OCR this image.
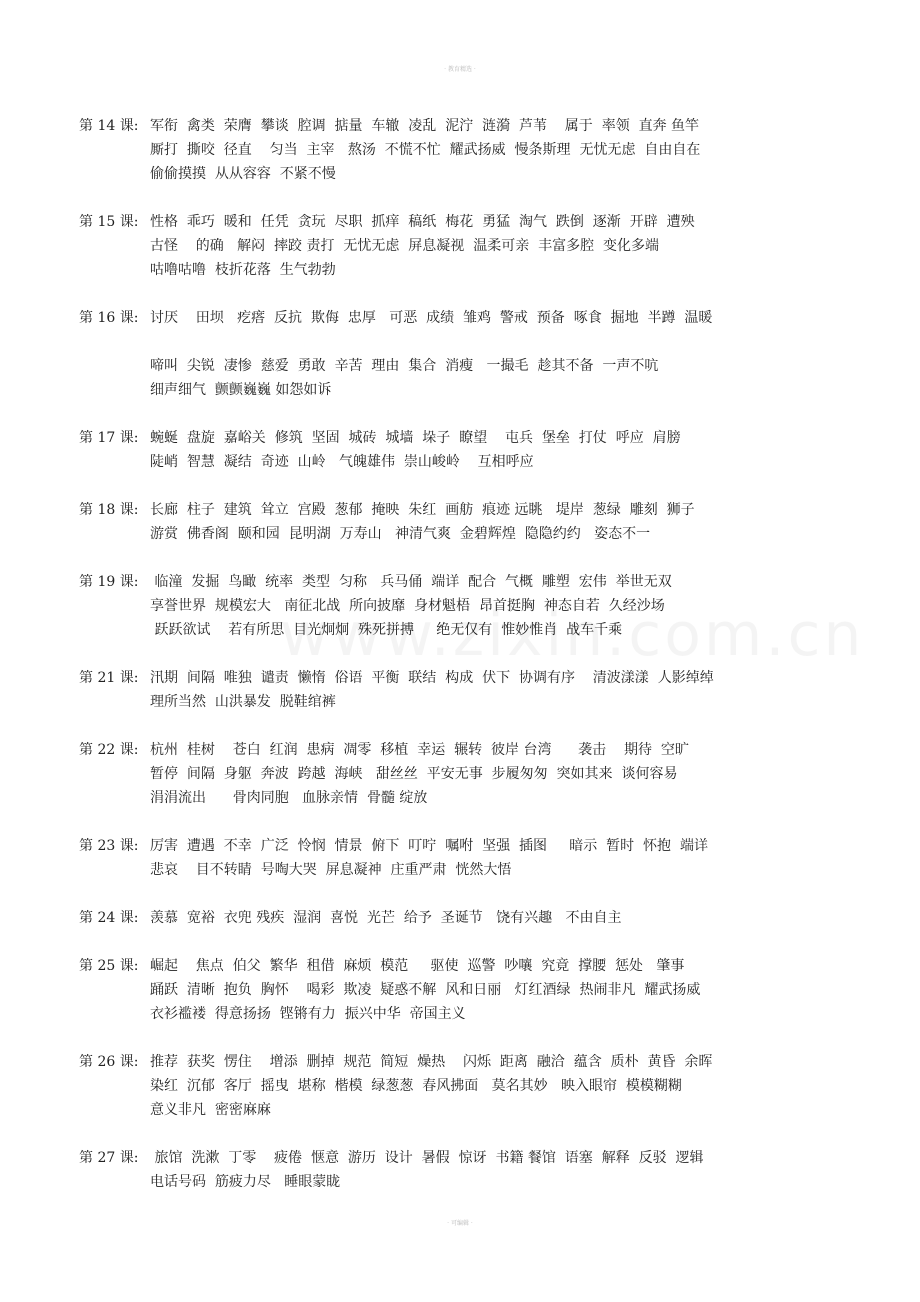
· 教育精选 ·
第 14 课: 军衔  禽类  荣膺  攀谈  腔调  掂量  车辙  凌乱  泥泞  涟漪  芦苇    属于  率领  直奔 鱼竿
厮打  撕咬  径直    匀当  主宰   熬汤  不慌不忙  耀武扬威  慢条斯理  无忧无虑  自由自在
偷偷摸摸  从从容容  不紧不慢
第 15 课: 性格  乖巧  暖和  任凭  贪玩  尽职  抓痒  稿纸  梅花  勇猛  淘气  跌倒  逐渐  开辟  遭殃
古怪    的确   解闷  摔跤 责打  无忧无虑  屏息凝视  温柔可亲  丰富多腔  变化多端
咕噜咕噜  枝折花落  生气勃勃
第 16 课: 讨厌    田坝   疙瘩  反抗  欺侮  忠厚   可恶  成绩  雏鸡  警戒  预备  啄食  掘地  半蹲  温暖

啼叫  尖锐  凄惨  慈爱  勇敢  辛苦  理由  集合  消瘦   一撮毛  趁其不备  一声不吭
细声细气  颤颤巍巍 如怨如诉
第 17 课: 蜿蜒  盘旋  嘉峪关  修筑  坚固  城砖  城墙  垛子  瞭望    屯兵  堡垒  打仗  呼应  肩膀
陡峭  智慧  凝结  奇迹  山岭   气魄雄伟  崇山峻岭    互相呼应
第 18 课: 长廊  柱子  建筑  耸立  宫殿  葱郁  掩映  朱红  画舫  痕迹 远眺   堤岸  葱绿  雕刻  狮子
游赏  佛香阁  颐和园  昆明湖  万寿山   神清气爽  金碧辉煌  隐隐约约   姿态不一
第 19 课: 临潼  发掘  鸟瞰  统率  类型  匀称   兵马俑  端详  配合  气概  雕塑  宏伟  举世无双
享誉世界  规模宏大   南征北战  所向披靡  身材魁梧  昂首挺胸  神态自若  久经沙场
跃跃欲试    若有所思  目光炯炯  殊死拼搏     绝无仅有  惟妙惟肖  战车千乘
第 21 课: 汛期  间隔  唯独  谴责  懒惰  俗语  平衡  联结  构成  伏下  协调有序    清波漾漾  人影绰绰
理所当然  山洪暴发  脱鞋绾裤
第 22 课: 杭州  桂树    苍白  红润  患病  凋零  移植  幸运  辗转  彼岸 台湾      袭击    期待  空旷
暂停  间隔  身躯  奔波  跨越  海峡   甜丝丝  平安无事  步履匆匆  突如其来  谈何容易
涓涓流出      骨肉同胞   血脉亲情  骨髓 绽放
第 23 课: 厉害  遭遇  不幸  广泛  怜悯  情景  俯下  叮咛  嘱咐  坚强  插图     暗示  暂时  怀抱  端详
悲哀    目不转睛  号啕大哭  屏息凝神  庄重严肃  恍然大悟
第 24 课: 羡慕  宽裕  衣兜 残疾  湿润  喜悦  光芒  给予  圣诞节   饶有兴趣   不由自主
第 25 课: 崛起    焦点  伯父  繁华  租借  麻烦  模范     驱使  巡警  吵嚷  究竟  撑腰  惩处   肇事
踊跃  清晰  抱负  胸怀    喝彩  欺凌  疑惑不解  风和日丽   灯红酒绿  热闹非凡  耀武扬威
衣衫褴褛  得意扬扬  铿锵有力  振兴中华  帝国主义
第 26 课: 推荐  获奖  愣住    增添  删掉  规范  简短  燥热    闪烁  距离  融洽  蕴含  质朴  黄昏  余晖
染红  沉郁  客厅  摇曳  堪称  楷模  绿葱葱  春风拂面   莫名其妙   映入眼帘  模模糊糊
意义非凡  密密麻麻
第 27 课: 旅馆  洗漱  丁零    疲倦  惬意  游历  设计  暑假  惊讶  书籍 餐馆  语塞  解释  反驳  逻辑
电话号码  筋疲力尽   睡眼蒙眬
· 可编辑 ·
